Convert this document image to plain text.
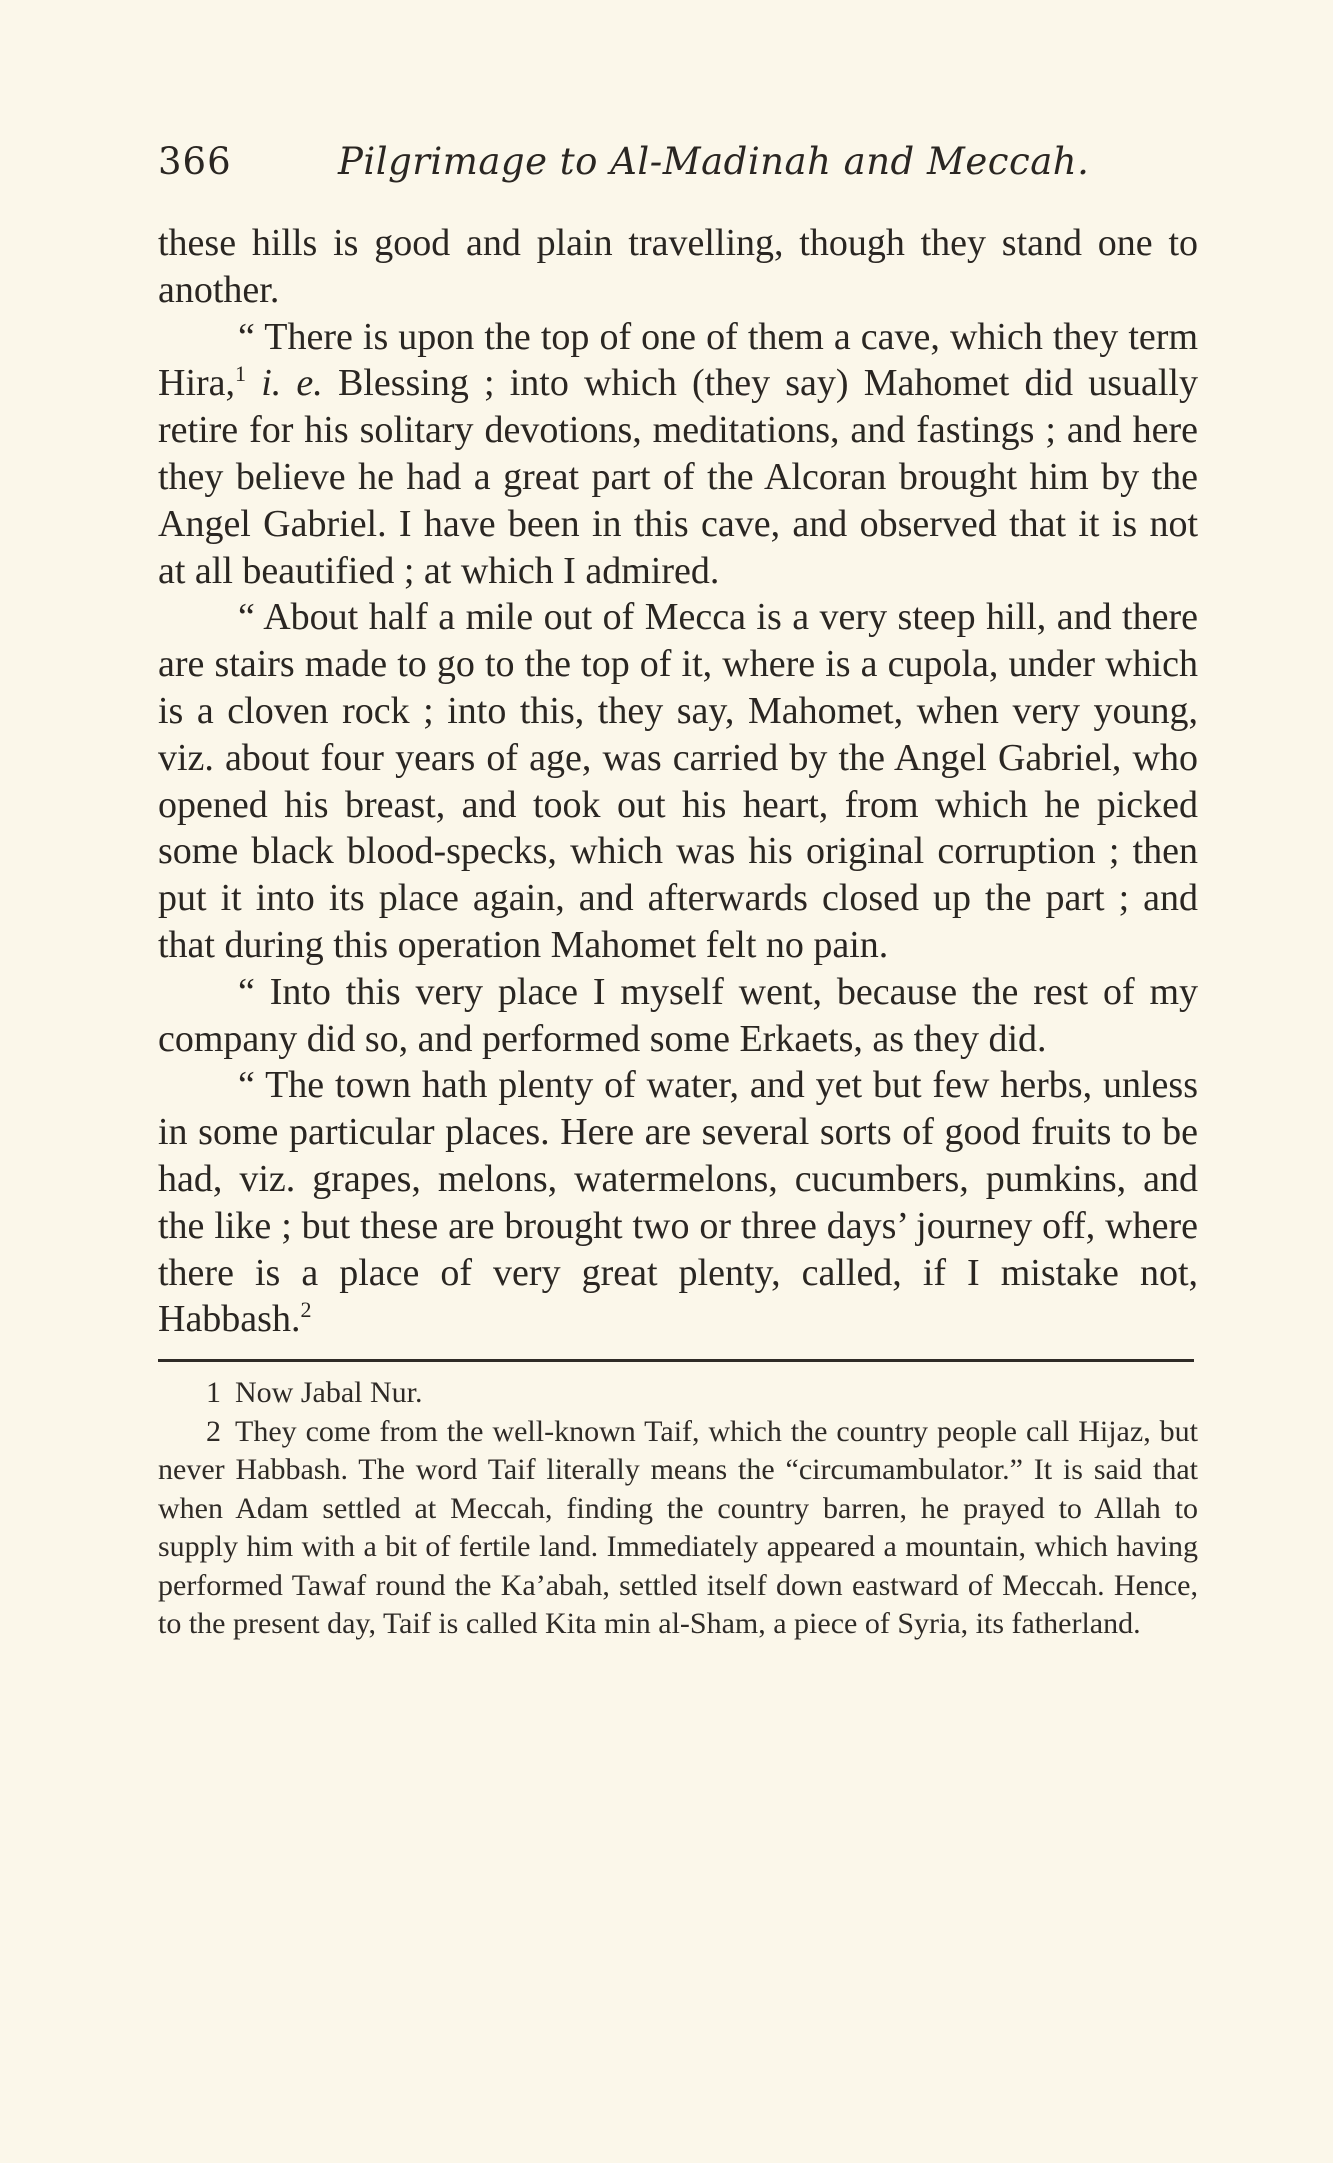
366	Pilgrimage to Al-Madinah and Meccah.

these hills is good and plain travelling, though they stand one to another.

“ There is upon the top of one of them a cave, which they term Hira,$^1$ i. e. Blessing ; into which (they say) Mahomet did usually retire for his solitary devotions, meditations, and fastings ; and here they believe he had a great part of the Alcoran brought him by the Angel Gabriel. I have been in this cave, and observed that it is not at all beautified ; at which I admired.

“ About half a mile out of Mecca is a very steep hill, and there are stairs made to go to the top of it, where is a cupola, under which is a cloven rock ; into this, they say, Mahomet, when very young, viz. about four years of age, was carried by the Angel Gabriel, who opened his breast, and took out his heart, from which he picked some black blood-specks, which was his original corruption ; then put it into its place again, and afterwards closed up the part ; and that during this operation Mahomet felt no pain.

“ Into this very place I myself went, because the rest of my company did so, and performed some Erkaets, as they did.

“ The town hath plenty of water, and yet but few herbs, unless in some particular places. Here are several sorts of good fruits to be had, viz. grapes, melons, watermelons, cucumbers, pumkins, and the like ; but these are brought two or three days’ journey off, where there is a place of very great plenty, called, if I mistake not, Habbash.$^2$

1 Now Jabal Nur.

2 They come from the well-known Taif, which the country people call Hijaz, but never Habbash. The word Taif literally means the “circumambulator.” It is said that when Adam settled at Meccah, finding the country barren, he prayed to Allah to supply him with a bit of fertile land. Immediately appeared a mountain, which having performed Tawaf round the Ka’abah, settled itself down eastward of Meccah. Hence, to the present day, Taif is called Kita min al-Sham, a piece of Syria, its fatherland.
